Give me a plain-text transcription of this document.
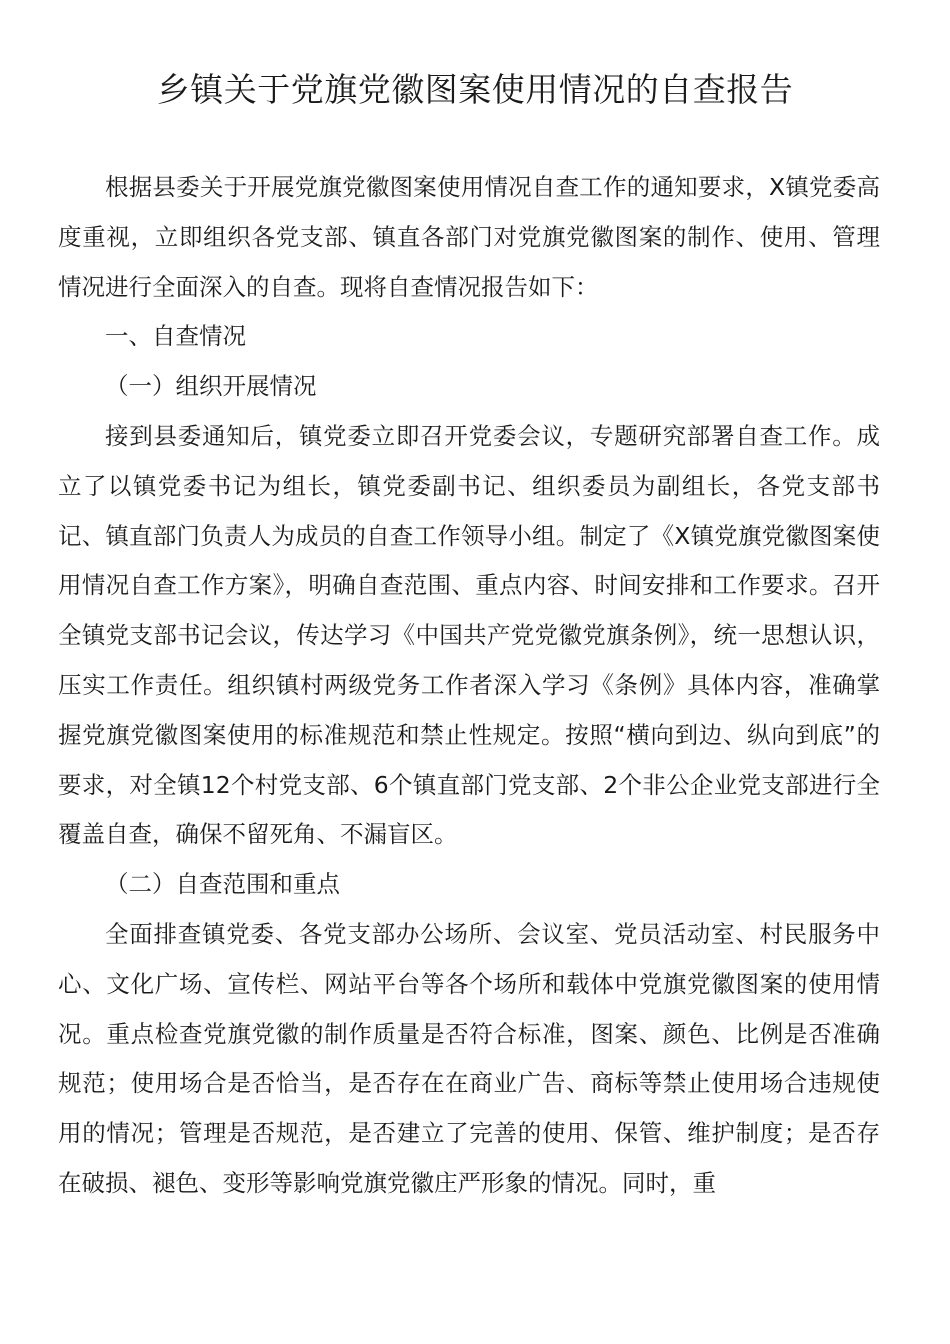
乡镇关于党旗党徽图案使用情况的自查报告

根据县委关于开展党旗党徽图案使用情况自查工作的通知要求，X镇党委高度重视，立即组织各党支部、镇直各部门对党旗党徽图案的制作、使用、管理情况进行全面深入的自查。现将自查情况报告如下：

一、自查情况

（一）组织开展情况

接到县委通知后，镇党委立即召开党委会议，专题研究部署自查工作。成立了以镇党委书记为组长，镇党委副书记、组织委员为副组长，各党支部书记、镇直部门负责人为成员的自查工作领导小组。制定了《X镇党旗党徽图案使用情况自查工作方案》，明确自查范围、重点内容、时间安排和工作要求。召开全镇党支部书记会议，传达学习《中国共产党党徽党旗条例》，统一思想认识，压实工作责任。组织镇村两级党务工作者深入学习《条例》具体内容，准确掌握党旗党徽图案使用的标准规范和禁止性规定。按照“横向到边、纵向到底”的要求，对全镇12个村党支部、6个镇直部门党支部、2个非公企业党支部进行全覆盖自查，确保不留死角、不漏盲区。

（二）自查范围和重点

全面排查镇党委、各党支部办公场所、会议室、党员活动室、村民服务中心、文化广场、宣传栏、网站平台等各个场所和载体中党旗党徽图案的使用情况。重点检查党旗党徽的制作质量是否符合标准，图案、颜色、比例是否准确规范；使用场合是否恰当，是否存在在商业广告、商标等禁止使用场合违规使用的情况；管理是否规范，是否建立了完善的使用、保管、维护制度；是否存在破损、褪色、变形等影响党旗党徽庄严形象的情况。同时，重
